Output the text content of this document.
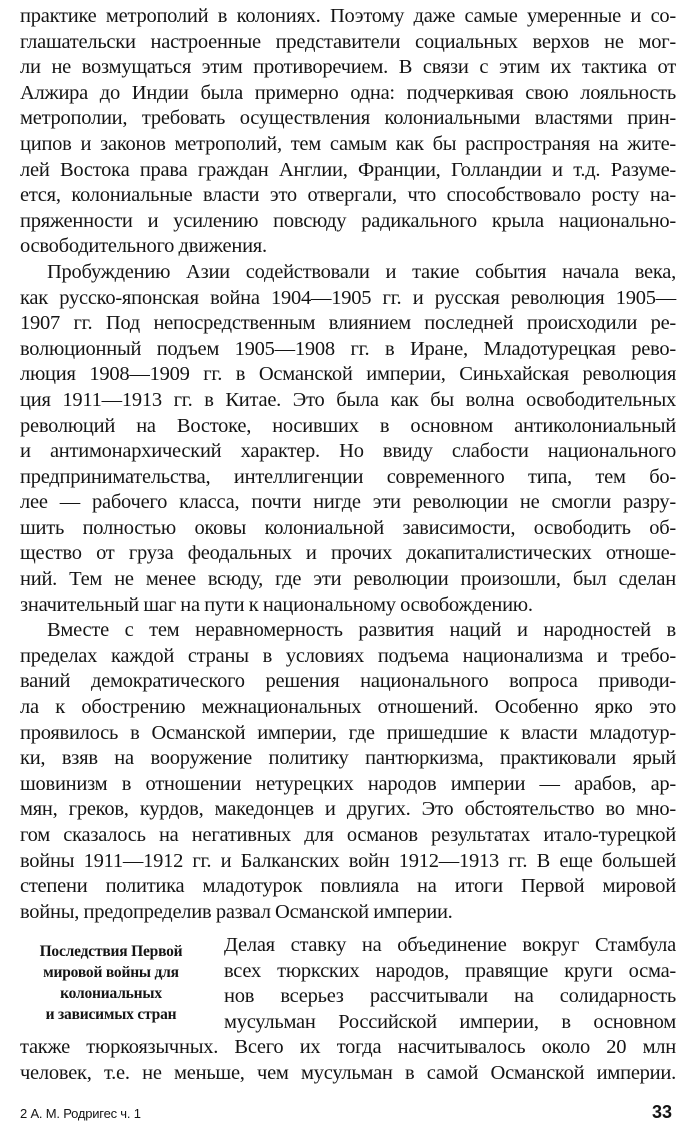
практике метрополий в колониях. Поэтому даже самые умеренные и со-
глашательски настроенные представители социальных верхов не мог-
ли не возмущаться этим противоречием. В связи с этим их тактика от
Алжира до Индии была примерно одна: подчеркивая свою лояльность
метрополии, требовать осуществления колониальными властями прин-
ципов и законов метрополий, тем самым как бы распространяя на жите-
лей Востока права граждан Англии, Франции, Голландии и т.д. Разуме-
ется, колониальные власти это отвергали, что способствовало росту на-
пряженности и усилению повсюду радикального крыла национально-
освободительного движения.
Пробуждению Азии содействовали и такие события начала века,
как русско-японская война 1904—1905 гг. и русская революция 1905—
1907 гг. Под непосредственным влиянием последней происходили ре-
волюционный подъем 1905—1908 гг. в Иране, Младотурецкая рево-
люция 1908—1909 гг. в Османской империи, Синьхайская революция
ция 1911—1913 гг. в Китае. Это была как бы волна освободительных
революций на Востоке, носивших в основном антиколониальный
и антимонархический характер. Но ввиду слабости национального
предпринимательства, интеллигенции современного типа, тем бо-
лее — рабочего класса, почти нигде эти революции не смогли разру-
шить полностью оковы колониальной зависимости, освободить об-
щество от груза феодальных и прочих докапиталистических отноше-
ний. Тем не менее всюду, где эти революции произошли, был сделан
значительный шаг на пути к национальному освобождению.
Вместе с тем неравномерность развития наций и народностей в
пределах каждой страны в условиях подъема национализма и требо-
ваний демократического решения национального вопроса приводи-
ла к обострению межнациональных отношений. Особенно ярко это
проявилось в Османской империи, где пришедшие к власти младотур-
ки, взяв на вооружение политику пантюркизма, практиковали ярый
шовинизм в отношении нетурецких народов империи — арабов, ар-
мян, греков, курдов, македонцев и других. Это обстоятельство во мно-
гом сказалось на негативных для османов результатах итало-турецкой
войны 1911—1912 гг. и Балканских войн 1912—1913 гг. В еще большей
степени политика младотурок повлияла на итоги Первой мировой
войны, предопределив развал Османской империи.
Последствия Первой
мировой войны для
колониальных
и зависимых стран
Делая ставку на объединение вокруг Стамбула
всех тюркских народов, правящие круги осма-
нов всерьез рассчитывали на солидарность
мусульман Российской империи, в основном
также тюркоязычных. Всего их тогда насчитывалось около 20 млн
человек, т.е. не меньше, чем мусульман в самой Османской империи.
2 А. М. Родригес ч. 1	33
